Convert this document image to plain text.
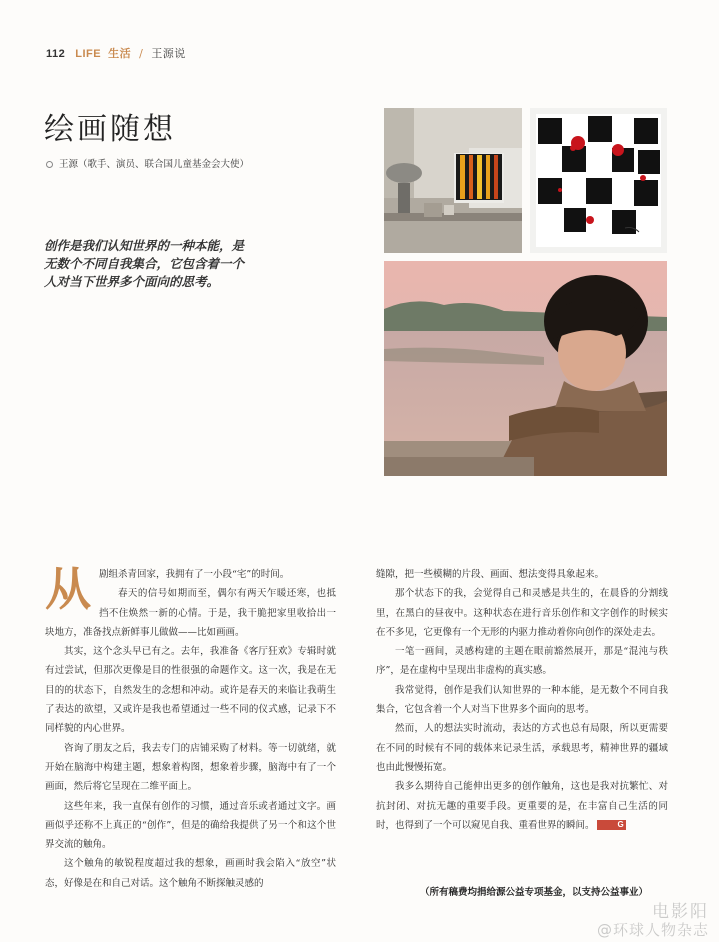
112 LIFE 生活 / 王源说
绘画随想
王源（歌手、演员、联合国儿童基金会大使）
创作是我们认知世界的一种本能，是无数个不同自我集合，它包含着一个人对当下世界多个面向的思考。
从 剧组杀青回家，我拥有了一小段“宅”的时间。

春天的信号如期而至，偶尔有两天乍暖还寒，也抵挡不住焕然一新的心情。于是，我干脆把家里收拾出一块地方，准备找点新鲜事儿做做——比如画画。

其实，这个念头早已有之。去年，我准备《客厅狂欢》专辑时就有过尝试，但那次更像是目的性很强的命题作文。这一次，我是在无目的的状态下，自然发生的念想和冲动。或许是春天的来临让我萌生了表达的欲望，又或许是我也希望通过一些不同的仪式感，记录下不同样貌的内心世界。

咨询了朋友之后，我去专门的店铺采购了材料。等一切就绪，就开始在脑海中构建主题，想象着构图，想象着步骤，脑海中有了一个画面，然后将它呈现在二维平面上。

这些年来，我一直保有创作的习惯，通过音乐或者通过文字。画画似乎还称不上真正的“创作”，但是的确给我提供了另一个和这个世界交流的触角。

这个触角的敏锐程度超过我的想象，画画时我会陷入“放空”状态，好像是在和自己对话。这个触角不断探触灵感的

缝隙，把一些模糊的片段、画面、想法变得具象起来。

那个状态下的我，会觉得自己和灵感是共生的，在晨昏的分割线里，在黑白的昼夜中。这种状态在进行音乐创作和文字创作的时候实在不多见，它更像有一个无形的内驱力推动着你向创作的深处走去。

一笔一画间，灵感构建的主题在眼前豁然展开，那是“混沌与秩序”，是在虚构中呈现出非虚构的真实感。

我常觉得，创作是我们认知世界的一种本能，是无数个不同自我集合，它包含着一个人对当下世界多个面向的思考。

然而，人的想法实时流动，表达的方式也总有局限，所以更需要在不同的时候有不同的载体来记录生活，承载思考，精神世界的疆域也由此慢慢拓宽。

我多么期待自己能伸出更多的创作触角，这也是我对抗繁忙、对抗封闭、对抗无趣的重要手段。更重要的是，在丰富自己生活的同时，也得到了一个可以窥见自我、重看世界的瞬间。	G

（所有稿费均捐给源公益专项基金，以支持公益事业）
电影阳
@环球人物杂志
